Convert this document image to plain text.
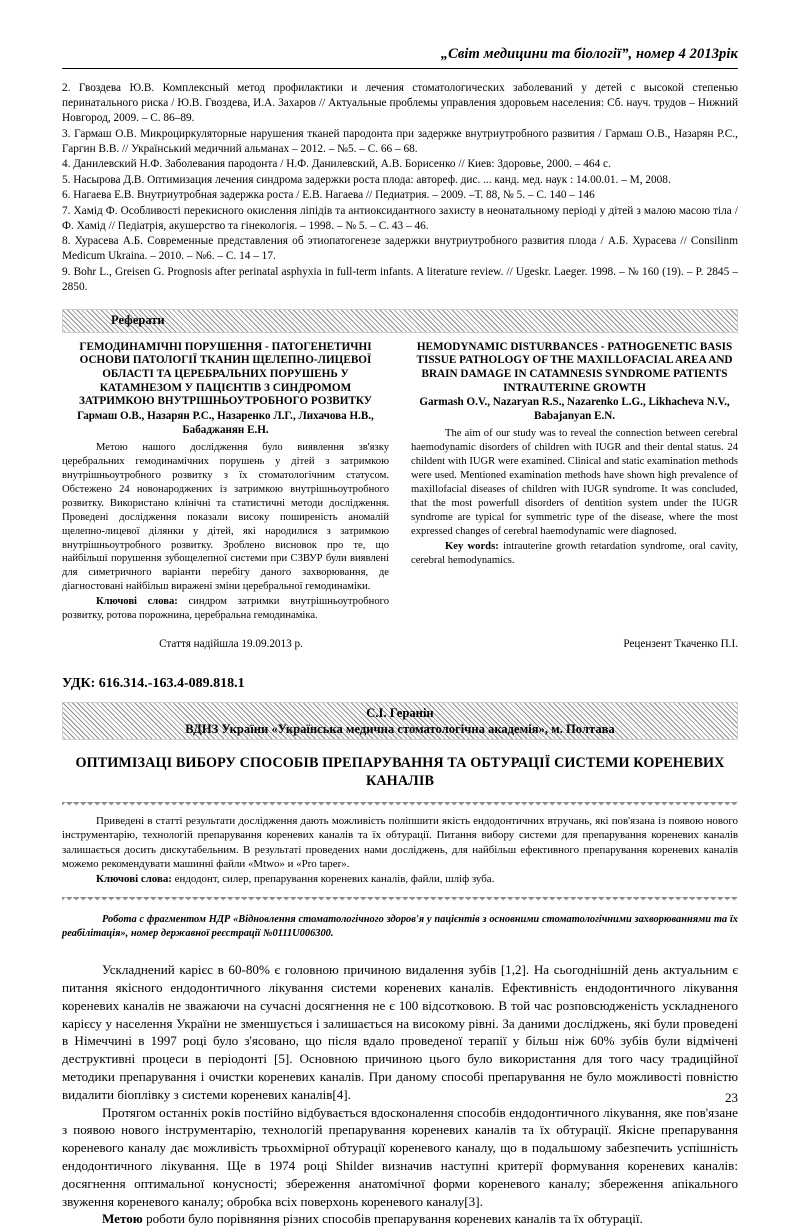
„Світ медицини та біології”, номер 4 2013рік

2. Гвоздева Ю.В. Комплексный метод профилактики и лечения стоматологических заболеваний у детей с высокой степенью перинатального риска / Ю.В. Гвоздева, И.А. Захаров // Актуальные проблемы управления здоровьем населения: Сб. науч. трудов – Нижний Новгород, 2009. – С. 86–89.

3. Гармаш О.В. Микроциркуляторные нарушения тканей пародонта при задержке внутриутробного развития / Гармаш О.В., Назарян Р.С., Гаргин В.В. // Український медичний альманах – 2012. – №5. – С. 66 – 68.

4. Данилевский Н.Ф. Заболевания пародонта / Н.Ф. Данилевский, А.В. Борисенко // Киев: Здоровье, 2000. – 464 с.

5. Насырова Д.В. Оптимизация лечения синдрома задержки роста плода: автореф. дис. ... канд. мед. наук : 14.00.01. – М, 2008.

6. Нагаева Е.В. Внутриутробная задержка роста / Е.В. Нагаева // Педиатрия. – 2009. –Т. 88, № 5. – С. 140 – 146

7. Хамід Ф. Особливості перекисного окислення ліпідів та антиоксидантного захисту в неонатальному періоді у дітей з малою масою тіла / Ф. Хамід // Педіатрія, акушерство та гінекологія. – 1998. – № 5. – С. 43 – 46.

8. Хурасева А.Б. Современные представления об этиопатогенезе задержки внутриутробного развития плода / А.Б. Хурасева // Consilinm Medicum Ukraina. – 2010. – №6. – С. 14 – 17.

9. Bohr L., Greisen G. Prognosis after perinatal asphyxia in full-term infants. A literature review. // Ugeskr. Laeger. 1998. – № 160 (19). – P. 2845 – 2850.

Реферати
ГЕМОДИНАМІЧНІ ПОРУШЕННЯ - ПАТОГЕНЕТИЧНІ ОСНОВИ ПАТОЛОГІЇ ТКАНИН ЩЕЛЕПНО-ЛИЦЕВОЇ ОБЛАСТІ ТА ЦЕРЕБРАЛЬНИХ ПОРУШЕНЬ У КАТАМНЕЗОМ У ПАЦІЄНТІВ З СИНДРОМОМ ЗАТРИМКОЮ ВНУТРІШНЬОУТРОБНОГО РОЗВИТКУ
Гармаш О.В., Назарян Р.С., Назаренко Л.Г., Лихачова Н.В., Бабаджанян Е.Н.
Метою нашого дослідження було виявлення зв'язку церебральних гемодинамічних порушень у дітей з затримкою внутрішньоутробного розвитку з їх стоматологічним статусом. Обстежено 24 новонароджених із затримкою внутрішньоутробного розвитку. Використано клінічні та статистичні методи дослідження. Проведені дослідження показали високу поширеність аномалій щелепно-лицевої ділянки у дітей, які народилися з затримкою внутрішньоутробного розвитку. Зроблено висновок про те, що найбільші порушення зубощелепної системи при СЗВУР були виявлені для симетричного варіанти перебігу даного захворювання, де діагностовані найбільш виражені зміни церебральної гемодинаміки.
Ключові слова: синдром затримки внутрішньоутробного розвитку, ротова порожнина, церебральна гемодинаміка.
HEMODYNAMIC DISTURBANCES - PATHOGENETIC BASIS TISSUE PATHOLOGY OF THE MAXILLOFACIAL AREA AND BRAIN DAMAGE IN CATAMNESIS SYNDROME PATIENTS INTRAUTERINE GROWTH
Garmash O.V., Nazaryan R.S., Nazarenko L.G., Likhacheva N.V., Babajanyan E.N.
The aim of our study was to reveal the connection between cerebral haemodynamic disorders of children with IUGR and their dental status. 24 childent with IUGR were examined. Clinical and static examination methods were used. Mentioned examination methods have shown high prevalence of maxillofacial diseases of children with IUGR syndrome. It was concluded, that the most powerfull disorders of dentition system under the IUGR syndrome are typical for symmetric type of the disease, where the most expressed changes of cerebral haemodynamic were diagnosed.
Key words: intrauterine growth retardation syndrome, oral cavity, cerebral hemodynamics.
Стаття надійшла 19.09.2013 р.	Рецензент Ткаченко П.І.
УДК: 616.314.-163.4-089.818.1
С.І. Геранін
ВДНЗ України «Українська медична стоматологічна академія», м. Полтава
ОПТИМІЗАЦІ ВИБОРУ СПОСОБІВ ПРЕПАРУВАННЯ ТА ОБТУРАЦІЇ СИСТЕМИ КОРЕНЕВИХ КАНАЛІВ

Приведені в статті результати дослідження дають можливість поліпшити якість ендодонтичних втручань, які пов'язана із появою нового інструментарію, технологій препарування кореневих каналів та їх обтурації. Питання вибору системи для препарування кореневих каналів залишається досить дискутабельним. В результаті проведених нами досліджень, для найбільш ефективного препарування кореневих каналів можемо рекомендувати машинні файли «Mtwo» и «Pro taper».

Ключові слова: ендодонт, силер, препарування кореневих каналів, файли, шліф зуба.

Робота с фрагментом НДР «Відновлення стоматологічного здоров'я у пацієнтів з основними стоматологічними захворюваннями та їх реабілітація», номер державної реєстрації №0111U006300.

Ускладнений карієс в 60-80% є головною причиною видалення зубів [1,2]. На сьогоднішній день актуальним є питання якісного ендодонтичного лікування системи кореневих каналів. Ефективність ендодонтичного лікування кореневих каналів не зважаючи на сучасні досягнення не є 100 відсотковою. В той час розповсюдженість ускладненого карієсу у населення України не зменшується і залишається на високому рівні. За даними досліджень, які були проведені в Німеччині в 1997 році було з'ясовано, що після вдало проведеної терапії у більш ніж 60% зубів були відмічені деструктивні процеси в періодонті [5]. Основною причиною цього було використання для того часу традиційної методики препарування і очистки кореневих каналів. При даному способі препарування не було можливості повністю видалити біоплівку з системи кореневих каналів[4].

Протягом останніх років постійно відбувається вдосконалення способів ендодонтичного лікування, яке пов'язане з появою нового інструментарію, технологій препарування кореневих каналів та їх обтурації. Якісне препарування кореневого каналу дає можливість трьохмірної обтурації кореневого каналу, що в подальшому забезпечить успішність ендодонтичного лікування. Ще в 1974 році Shilder визначив наступні критерії формування кореневих каналів: досягнення оптимальної конусності; збереження анатомічної форми кореневого каналу; збереження апікального звуження кореневого каналу; обробка всіх поверхонь кореневого каналу[3].

Метою роботи було порівняння різних способів препарування кореневих каналів та їх обтурації.

23
